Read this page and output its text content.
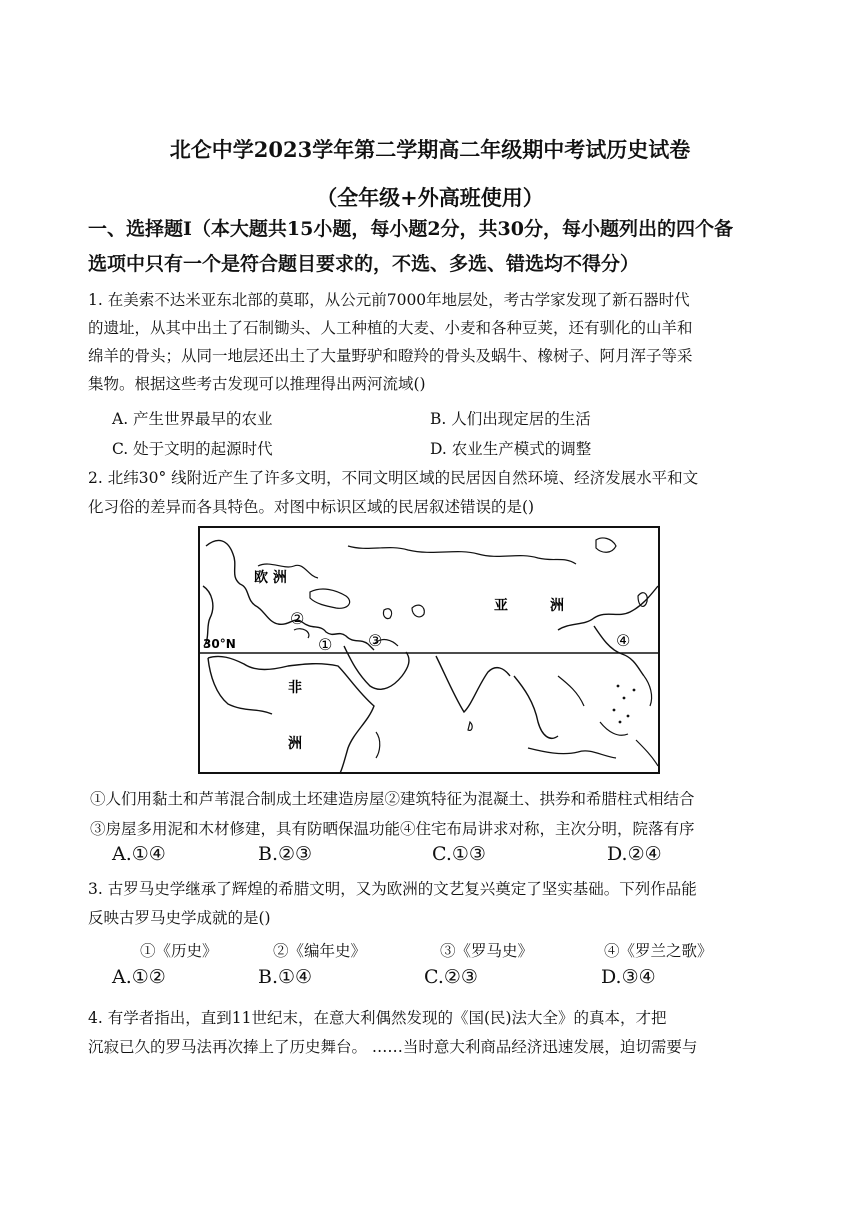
北仑中学2023学年第二学期高二年级期中考试历史试卷
（全年级+外高班使用）
一、选择题I（本大题共15小题，每小题2分，共30分，每小题列出的四个备
选项中只有一个是符合题目要求的，不选、多选、错选均不得分）
1. 在美索不达米亚东北部的莫耶，从公元前7000年地层处，考古学家发现了新石器时代
的遗址，从其中出土了石制锄头、人工种植的大麦、小麦和各种豆荚，还有驯化的山羊和
绵羊的骨头；从同一地层还出土了大量野驴和瞪羚的骨头及蜗牛、橡树子、阿月浑子等采
集物。根据这些考古发现可以推理得出两河流域()
A. 产生世界最早的农业	B. 人们出现定居的生活
C. 处于文明的起源时代	D. 农业生产模式的调整
2. 北纬30° 线附近产生了许多文明，不同文明区域的民居因自然环境、经济发展水平和文
化习俗的差异而各具特色。对图中标识区域的民居叙述错误的是()
欧 洲
亚	洲
非
洲
30°N	①
②
③	④
①人们用黏土和芦苇混合制成土坯建造房屋②建筑特征为混凝土、拱券和希腊柱式相结合
③房屋多用泥和木材修建，具有防晒保温功能④住宅布局讲求对称，主次分明，院落有序
A.①④	B.②③	C.①③	D.②④
3. 古罗马史学继承了辉煌的希腊文明，又为欧洲的文艺复兴奠定了坚实基础。下列作品能
反映古罗马史学成就的是()
①《历史》	②《编年史》	③《罗马史》	④《罗兰之歌》
A.①②	B.①④	C.②③	D.③④
4. 有学者指出，直到11世纪末，在意大利偶然发现的《国(民)法大全》的真本，才把
沉寂已久的罗马法再次捧上了历史舞台。 ……当时意大利商品经济迅速发展，迫切需要与
